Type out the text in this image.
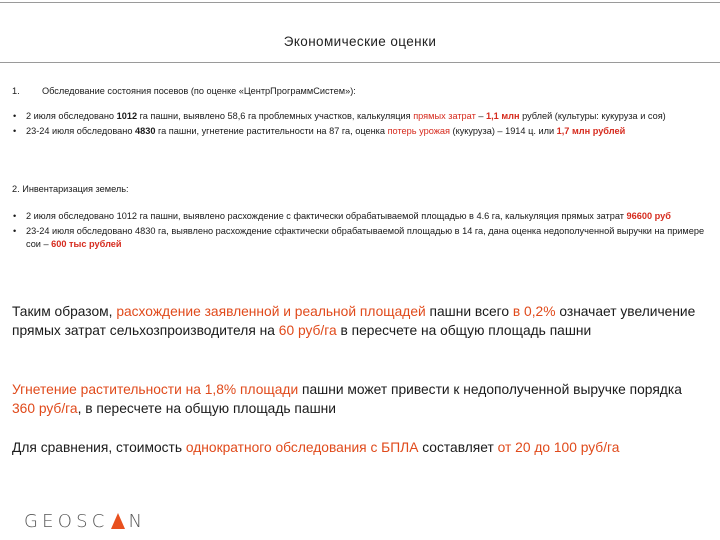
Экономические оценки
1. Обследование состояния посевов (по оценке «ЦентрПрограммСистем»):
• 2 июля обследовано 1012 га пашни, выявлено 58,6 га проблемных участков, калькуляция прямых затрат – 1,1 млн рублей (культуры: кукуруза и соя)
• 23-24 июля обследовано 4830 га пашни, угнетение растительности на 87 га, оценка потерь урожая (кукуруза) – 1914 ц. или 1,7 млн рублей
2. Инвентаризация земель:
• 2 июля обследовано 1012 га пашни, выявлено расхождение с фактически обрабатываемой площадью в 4.6 га, калькуляция прямых затрат 96600 руб
• 23-24 июля обследовано 4830 га, выявлено расхождение сфактически обрабатываемой площадью в 14 га, дана оценка недополученной выручки на примере сои – 600 тыс рублей
Таким образом, расхождение заявленной и реальной площадей пашни всего в 0,2% означает увеличение прямых затрат сельхозпроизводителя на 60 руб/га в пересчете на общую площадь пашни
Угнетение растительности на 1,8% площади пашни может привести к недополученной выручке порядка 360 руб/га, в пересчете на общую площадь пашни
Для сравнения, стоимость однократного обследования с БПЛА составляет от 20 до 100 руб/га
GEOSC N
